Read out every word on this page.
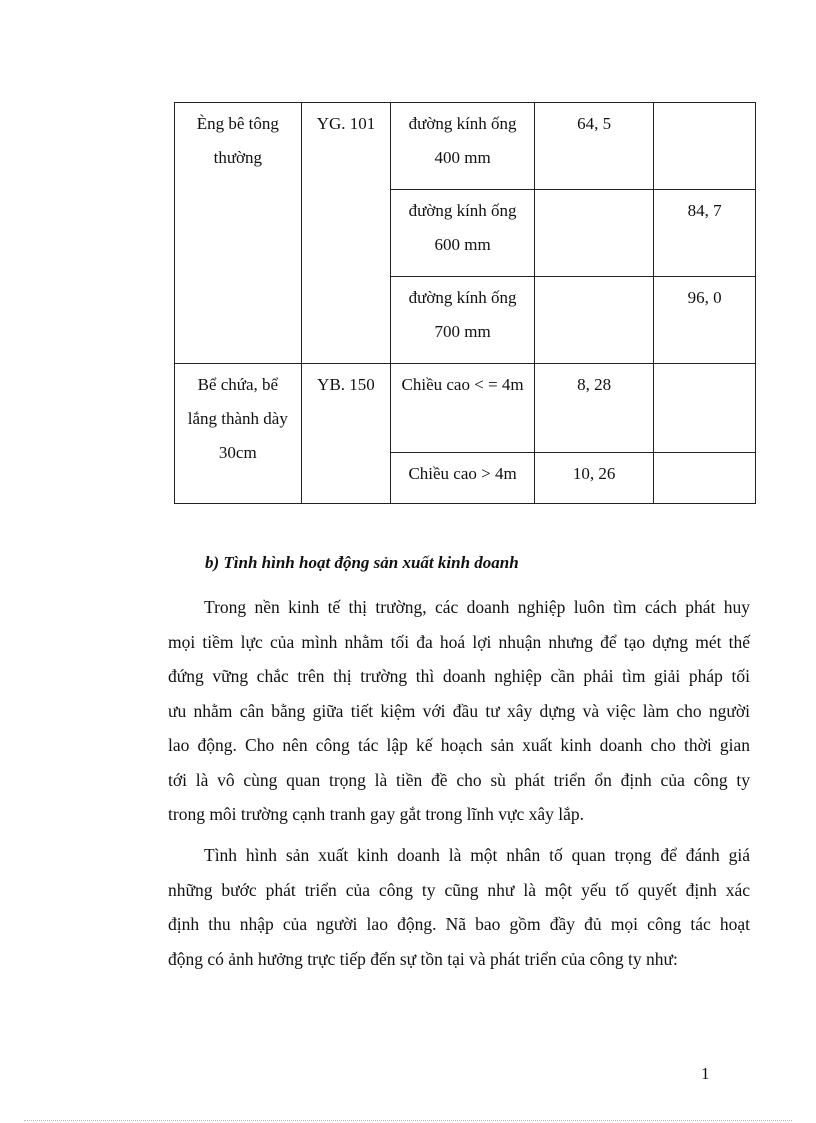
Èng bê tông thường	YG. 101	đường kính ống 400 mm	64, 5	
		đường kính ống 600 mm		84, 7
		đường kính ống 700 mm		96, 0
Bể chứa, bể lắng thành dày 30cm	YB. 150	Chiều cao < = 4m	8, 28	
		Chiều cao > 4m	10, 26	
b) Tình hình hoạt động sản xuất kinh doanh

Trong nền kinh tế thị trường, các doanh nghiệp luôn tìm cách phát huy
mọi tiềm lực của mình nhằm tối đa hoá lợi nhuận nhưng để tạo dựng mét thế
đứng vững chắc trên thị trường thì doanh nghiệp cần phải tìm giải pháp tối
ưu nhằm cân bằng giữa tiết kiệm với đầu tư xây dựng và việc làm cho người
lao động. Cho nên công tác lập kế hoạch sản xuất kinh doanh cho thời gian
tới là vô cùng quan trọng là tiền đề cho sù phát triển ổn định của công ty
trong môi trường cạnh tranh gay gắt trong lĩnh vực xây lắp.

Tình hình sản xuất kinh doanh là một nhân tố quan trọng để đánh giá
những bước phát triển của công ty cũng như là một yếu tố quyết định xác
định thu nhập của người lao động. Nã bao gồm đầy đủ mọi công tác hoạt
động có ảnh hưởng trực tiếp đến sự tồn tại và phát triển của công ty như:

1
